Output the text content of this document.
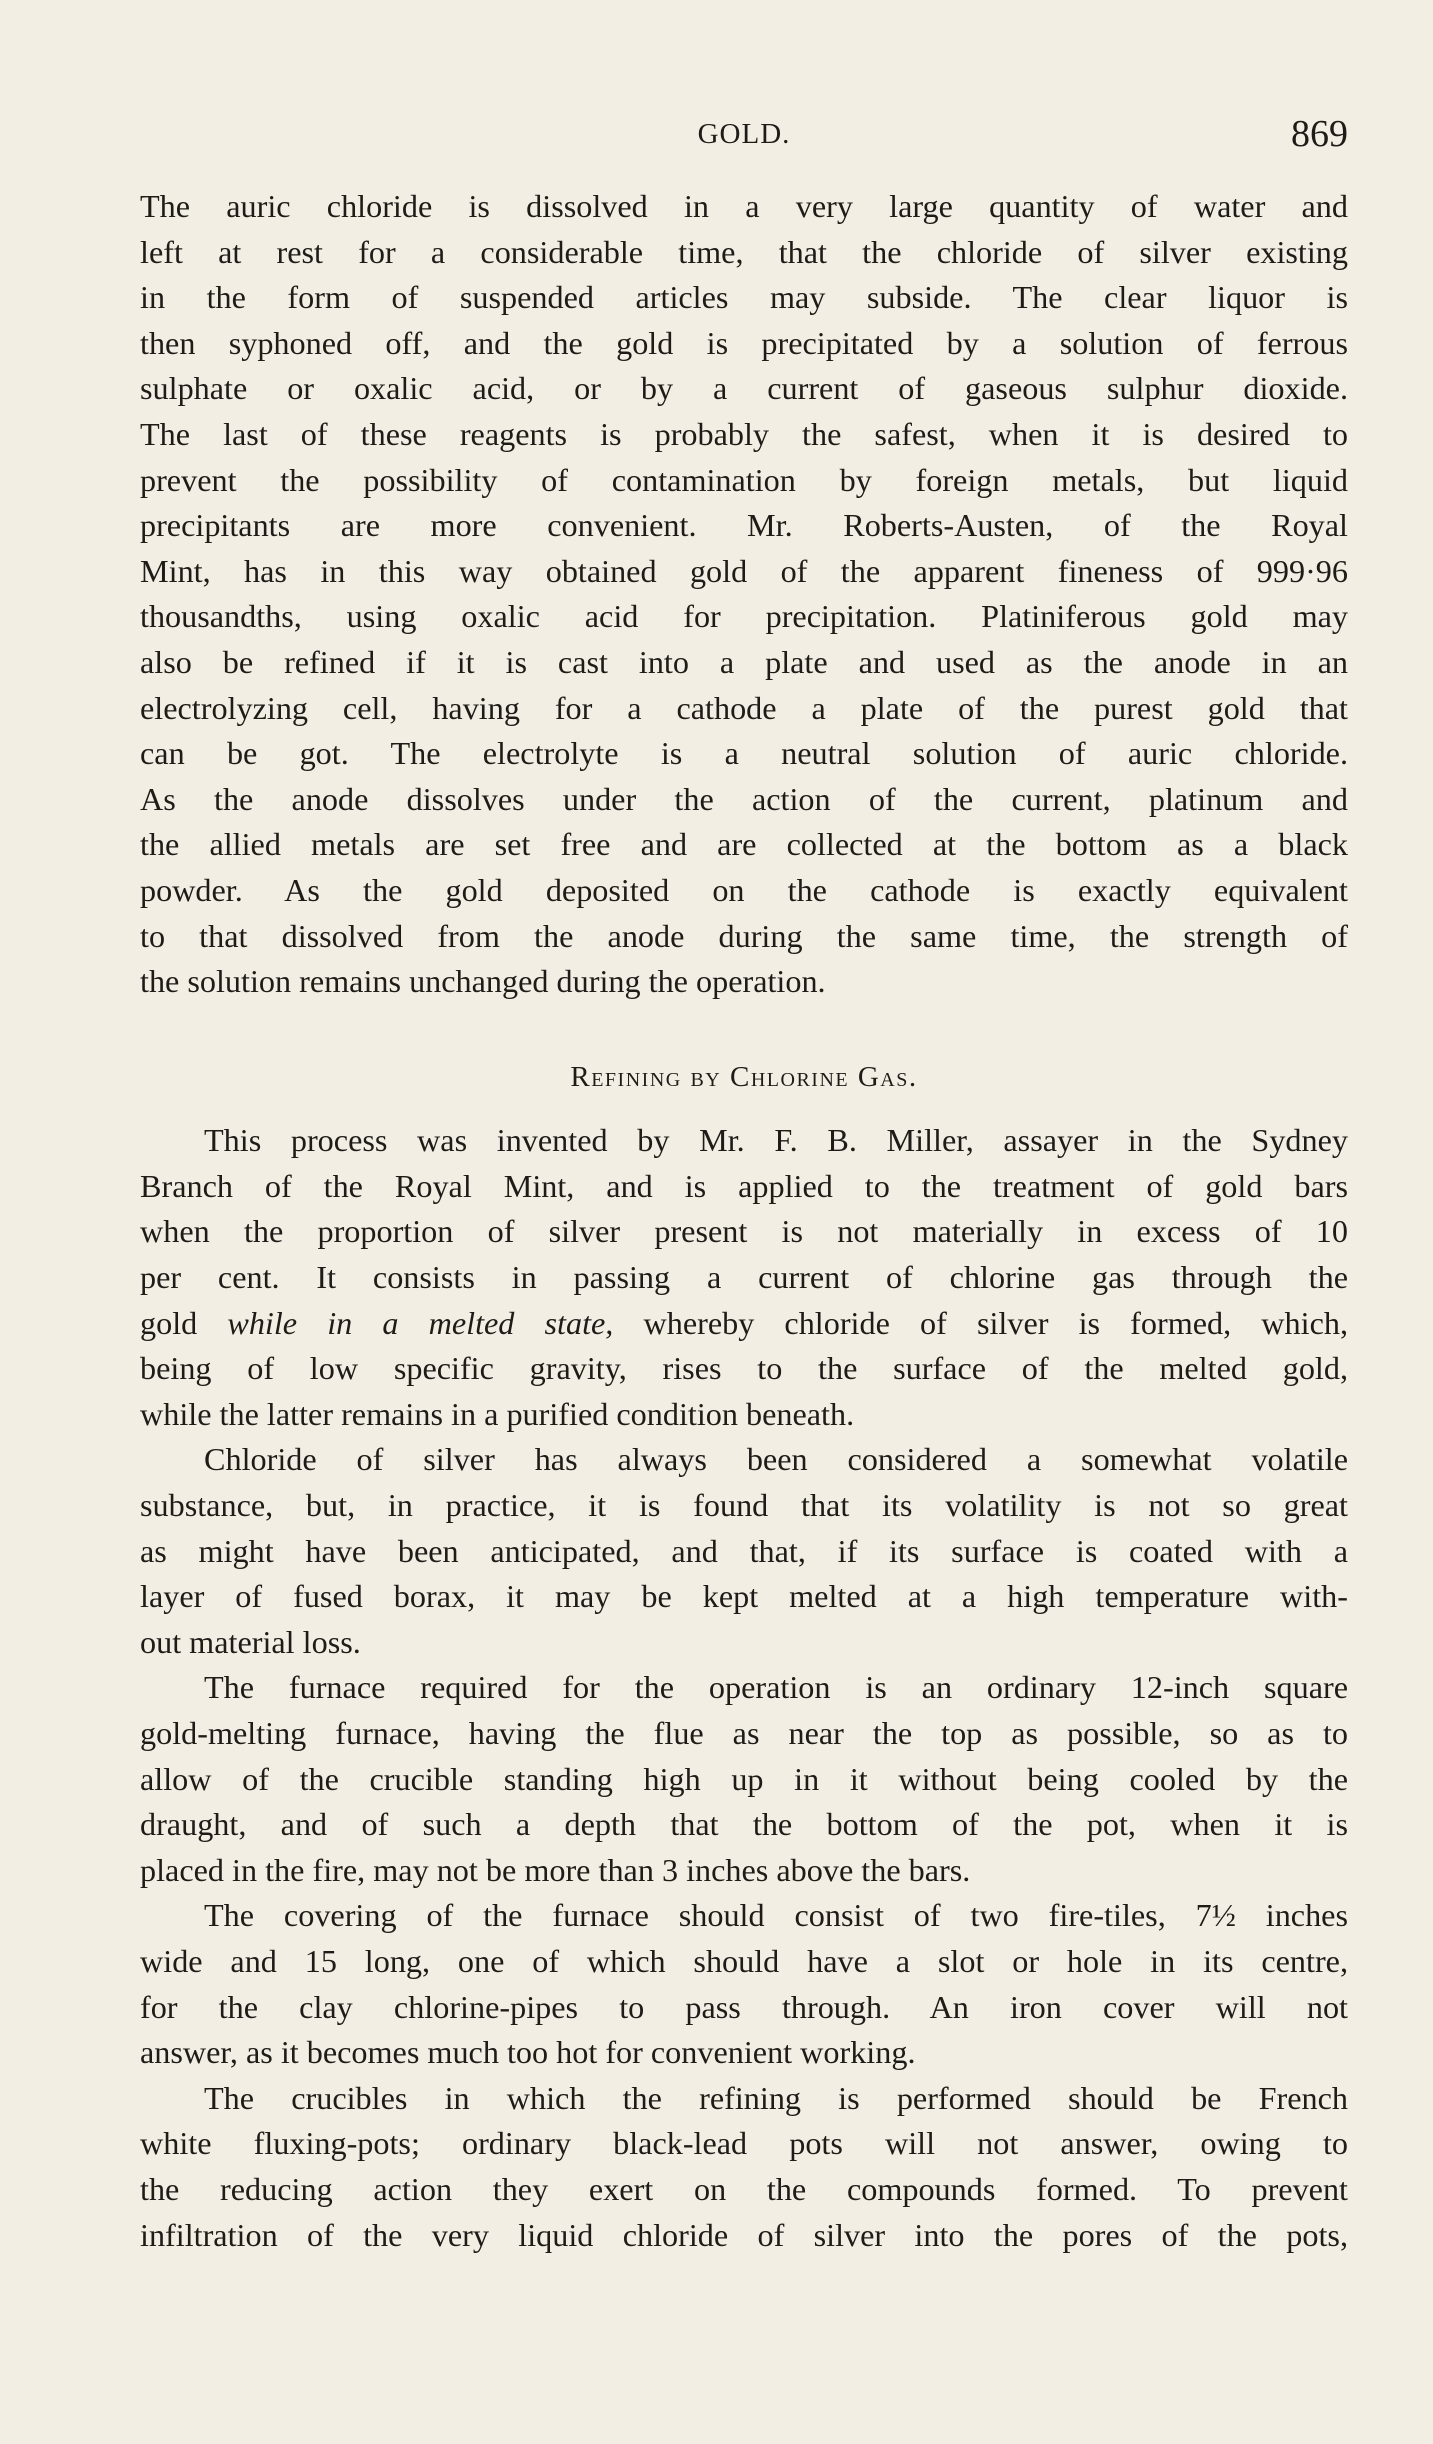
GOLD.	869

The auric chloride is dissolved in a very large quantity of water and

left at rest for a considerable time, that the chloride of silver existing

in the form of suspended articles may subside. The clear liquor is

then syphoned off, and the gold is precipitated by a solution of ferrous

sulphate or oxalic acid, or by a current of gaseous sulphur dioxide.

The last of these reagents is probably the safest, when it is desired to

prevent the possibility of contamination by foreign metals, but liquid

precipitants are more convenient. Mr. Roberts-Austen, of the Royal

Mint, has in this way obtained gold of the apparent fineness of 999·96

thousandths, using oxalic acid for precipitation. Platiniferous gold may

also be refined if it is cast into a plate and used as the anode in an

electrolyzing cell, having for a cathode a plate of the purest gold that

can be got. The electrolyte is a neutral solution of auric chloride.

As the anode dissolves under the action of the current, platinum and

the allied metals are set free and are collected at the bottom as a black

powder. As the gold deposited on the cathode is exactly equivalent

to that dissolved from the anode during the same time, the strength of

the solution remains unchanged during the operation.

Refining by Chlorine Gas.

This process was invented by Mr. F. B. Miller, assayer in the Sydney

Branch of the Royal Mint, and is applied to the treatment of gold bars

when the proportion of silver present is not materially in excess of 10

per cent. It consists in passing a current of chlorine gas through the

gold while in a melted state, whereby chloride of silver is formed, which,

being of low specific gravity, rises to the surface of the melted gold,

while the latter remains in a purified condition beneath.

Chloride of silver has always been considered a somewhat volatile

substance, but, in practice, it is found that its volatility is not so great

as might have been anticipated, and that, if its surface is coated with a

layer of fused borax, it may be kept melted at a high temperature with-

out material loss.

The furnace required for the operation is an ordinary 12-inch square

gold-melting furnace, having the flue as near the top as possible, so as to

allow of the crucible standing high up in it without being cooled by the

draught, and of such a depth that the bottom of the pot, when it is

placed in the fire, may not be more than 3 inches above the bars.

The covering of the furnace should consist of two fire-tiles, 7½ inches

wide and 15 long, one of which should have a slot or hole in its centre,

for the clay chlorine-pipes to pass through. An iron cover will not

answer, as it becomes much too hot for convenient working.

The crucibles in which the refining is performed should be French

white fluxing-pots; ordinary black-lead pots will not answer, owing to

the reducing action they exert on the compounds formed. To prevent

infiltration of the very liquid chloride of silver into the pores of the pots,
